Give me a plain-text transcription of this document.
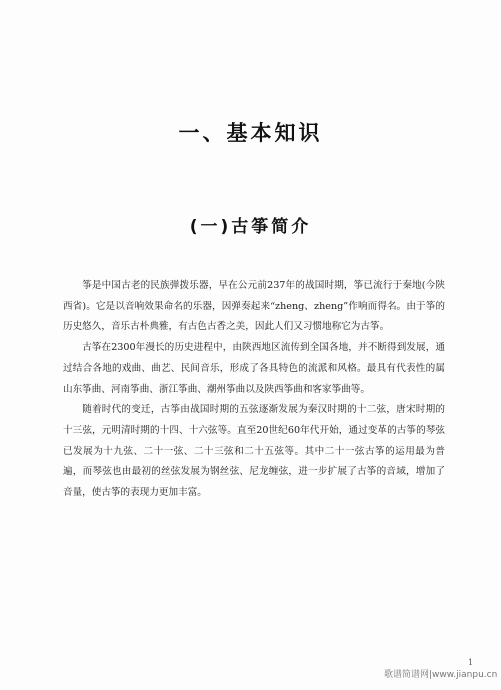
一、基本知识
(一)古筝简介

筝是中国古老的民族弹拨乐器，早在公元前237年的战国时期，筝已流行于秦地(今陕西省)。它是以音响效果命名的乐器，因弹奏起来“zheng、zheng”作响而得名。由于筝的历史悠久，音乐古朴典雅，有古色古香之美，因此人们又习惯地称它为古筝。

古筝在2300年漫长的历史进程中，由陕西地区流传到全国各地，并不断得到发展，通过结合各地的戏曲、曲艺、民间音乐，形成了各具特色的流派和风格。最具有代表性的属山东筝曲、河南筝曲、浙江筝曲、潮州筝曲以及陕西筝曲和客家筝曲等。

随着时代的变迁，古筝由战国时期的五弦逐渐发展为秦汉时期的十二弦，唐宋时期的十三弦，元明清时期的十四、十六弦等。直至20世纪60年代开始，通过变革的古筝的琴弦已发展为十九弦、二十一弦、二十三弦和二十五弦等。其中二十一弦古筝的运用最为普遍，而琴弦也由最初的丝弦发展为钢丝弦、尼龙缠弦，进一步扩展了古筝的音域，增加了音量，使古筝的表现力更加丰富。

1
歌谱简谱网|www.jianpu.cn
